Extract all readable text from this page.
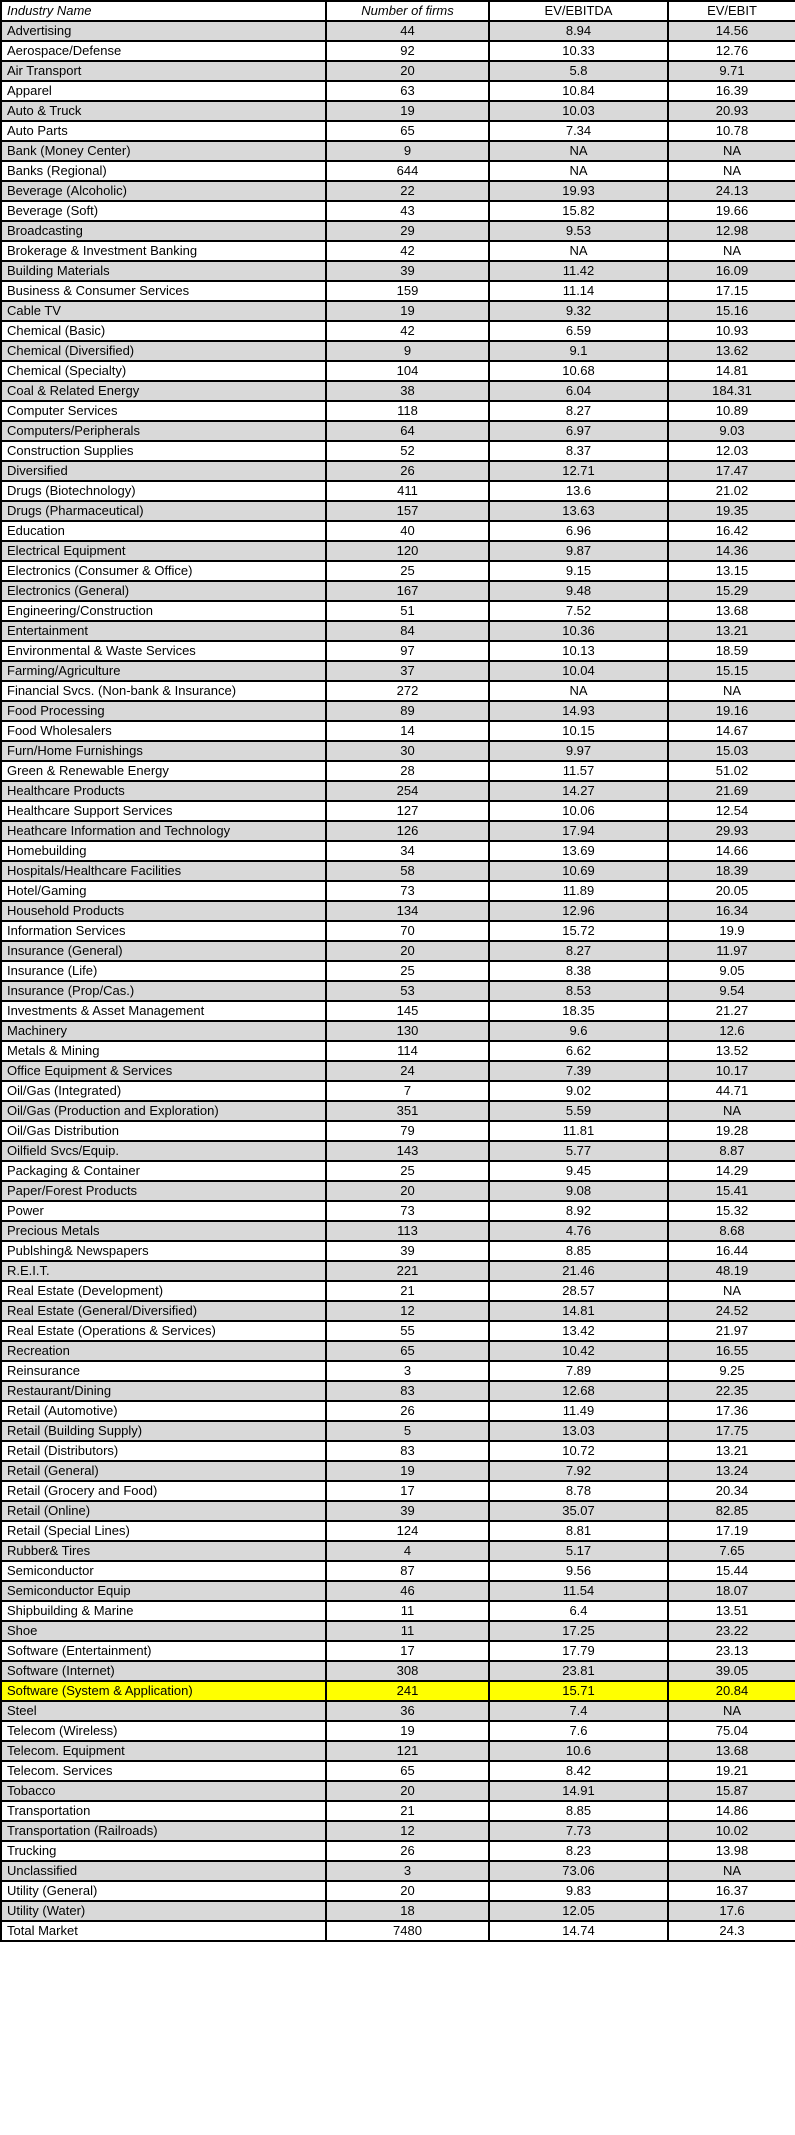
Industry Name	Number of firms	EV/EBITDA	EV/EBIT
Advertising	44	8.94	14.56
Aerospace/Defense	92	10.33	12.76
Air Transport	20	5.8	9.71
Apparel	63	10.84	16.39
Auto & Truck	19	10.03	20.93
Auto Parts	65	7.34	10.78
Bank (Money Center)	9	NA	NA
Banks (Regional)	644	NA	NA
Beverage (Alcoholic)	22	19.93	24.13
Beverage (Soft)	43	15.82	19.66
Broadcasting	29	9.53	12.98
Brokerage & Investment Banking	42	NA	NA
Building Materials	39	11.42	16.09
Business & Consumer Services	159	11.14	17.15
Cable TV	19	9.32	15.16
Chemical (Basic)	42	6.59	10.93
Chemical (Diversified)	9	9.1	13.62
Chemical (Specialty)	104	10.68	14.81
Coal & Related Energy	38	6.04	184.31
Computer Services	118	8.27	10.89
Computers/Peripherals	64	6.97	9.03
Construction Supplies	52	8.37	12.03
Diversified	26	12.71	17.47
Drugs (Biotechnology)	411	13.6	21.02
Drugs (Pharmaceutical)	157	13.63	19.35
Education	40	6.96	16.42
Electrical Equipment	120	9.87	14.36
Electronics (Consumer & Office)	25	9.15	13.15
Electronics (General)	167	9.48	15.29
Engineering/Construction	51	7.52	13.68
Entertainment	84	10.36	13.21
Environmental & Waste Services	97	10.13	18.59
Farming/Agriculture	37	10.04	15.15
Financial Svcs. (Non-bank & Insurance)	272	NA	NA
Food Processing	89	14.93	19.16
Food Wholesalers	14	10.15	14.67
Furn/Home Furnishings	30	9.97	15.03
Green & Renewable Energy	28	11.57	51.02
Healthcare Products	254	14.27	21.69
Healthcare Support Services	127	10.06	12.54
Heathcare Information and Technology	126	17.94	29.93
Homebuilding	34	13.69	14.66
Hospitals/Healthcare Facilities	58	10.69	18.39
Hotel/Gaming	73	11.89	20.05
Household Products	134	12.96	16.34
Information Services	70	15.72	19.9
Insurance (General)	20	8.27	11.97
Insurance (Life)	25	8.38	9.05
Insurance (Prop/Cas.)	53	8.53	9.54
Investments & Asset Management	145	18.35	21.27
Machinery	130	9.6	12.6
Metals & Mining	114	6.62	13.52
Office Equipment & Services	24	7.39	10.17
Oil/Gas (Integrated)	7	9.02	44.71
Oil/Gas (Production and Exploration)	351	5.59	NA
Oil/Gas Distribution	79	11.81	19.28
Oilfield Svcs/Equip.	143	5.77	8.87
Packaging & Container	25	9.45	14.29
Paper/Forest Products	20	9.08	15.41
Power	73	8.92	15.32
Precious Metals	113	4.76	8.68
Publshing& Newspapers	39	8.85	16.44
R.E.I.T.	221	21.46	48.19
Real Estate (Development)	21	28.57	NA
Real Estate (General/Diversified)	12	14.81	24.52
Real Estate (Operations & Services)	55	13.42	21.97
Recreation	65	10.42	16.55
Reinsurance	3	7.89	9.25
Restaurant/Dining	83	12.68	22.35
Retail (Automotive)	26	11.49	17.36
Retail (Building Supply)	5	13.03	17.75
Retail (Distributors)	83	10.72	13.21
Retail (General)	19	7.92	13.24
Retail (Grocery and Food)	17	8.78	20.34
Retail (Online)	39	35.07	82.85
Retail (Special Lines)	124	8.81	17.19
Rubber& Tires	4	5.17	7.65
Semiconductor	87	9.56	15.44
Semiconductor Equip	46	11.54	18.07
Shipbuilding & Marine	11	6.4	13.51
Shoe	11	17.25	23.22
Software (Entertainment)	17	17.79	23.13
Software (Internet)	308	23.81	39.05
Software (System & Application)	241	15.71	20.84
Steel	36	7.4	NA
Telecom (Wireless)	19	7.6	75.04
Telecom. Equipment	121	10.6	13.68
Telecom. Services	65	8.42	19.21
Tobacco	20	14.91	15.87
Transportation	21	8.85	14.86
Transportation (Railroads)	12	7.73	10.02
Trucking	26	8.23	13.98
Unclassified	3	73.06	NA
Utility (General)	20	9.83	16.37
Utility (Water)	18	12.05	17.6
Total Market	7480	14.74	24.3
